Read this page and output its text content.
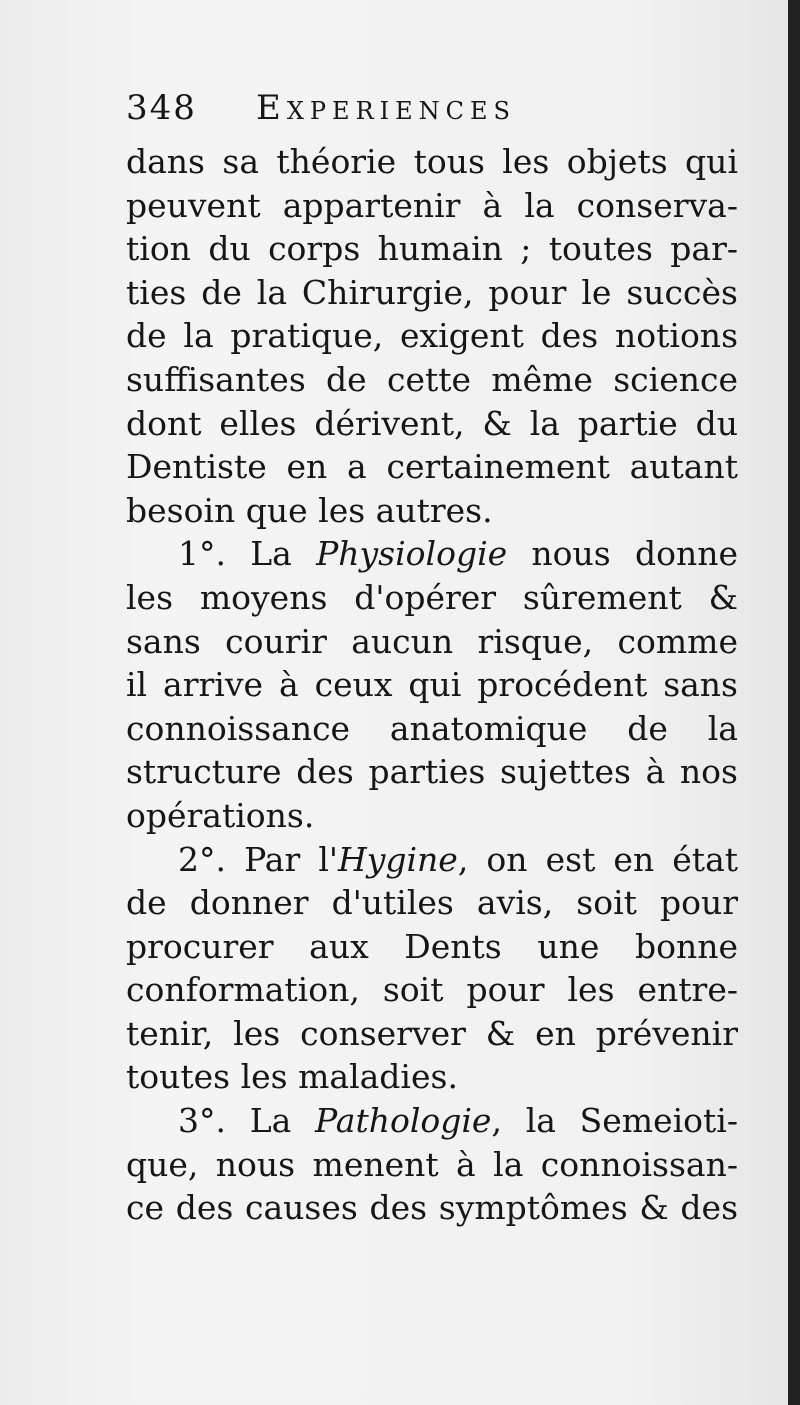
348	Experiences
dans sa théorie tous les objets qui
peuvent appartenir à la conserva-
tion du corps humain ; toutes par-
ties de la Chirurgie, pour le succès
de la pratique, exigent des notions
suffisantes de cette même science
dont elles dérivent, & la partie du
Dentiste en a certainement autant
besoin que les autres.
1°. La Physiologie nous donne
les moyens d'opérer sûrement &
sans courir aucun risque, comme
il arrive à ceux qui procédent sans
connoissance anatomique de la
structure des parties sujettes à nos
opérations.
2°. Par l'Hygine, on est en état
de donner d'utiles avis, soit pour
procurer aux Dents une bonne
conformation, soit pour les entre-
tenir, les conserver & en prévenir
toutes les maladies.
3°. La Pathologie, la Semeioti-
que, nous menent à la connoissan-
ce des causes des symptômes & des
